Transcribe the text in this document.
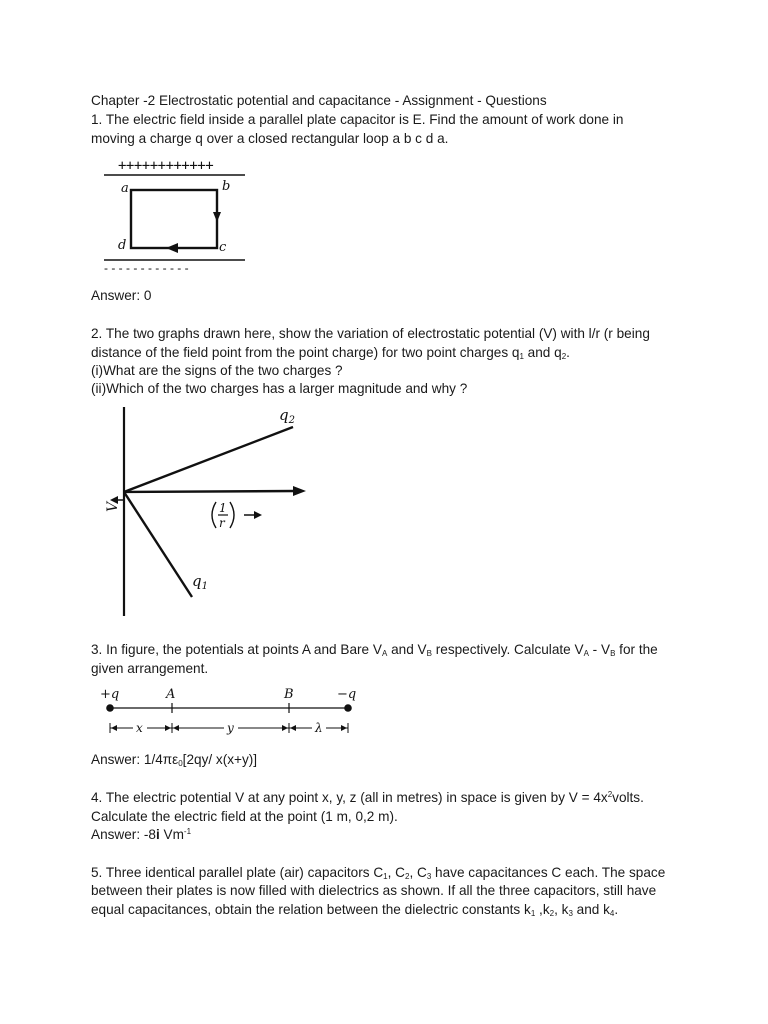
Chapter -2 Electrostatic potential and capacitance - Assignment - Questions
1. The electric field inside a parallel plate capacitor is E. Find the amount of work done in
moving a charge q over a closed rectangular loop a b c d a.
++++++++++++
a	b
c
d
- - - - - - - - - - - -
Answer: 0
2. The two graphs drawn here, show the variation of electrostatic potential (V) with l/r (r being
distance of the field point from the point charge) for two point charges $q_1$ and $q_2$.
(i)What are the signs of the two charges ?
(ii)Which of the two charges has a larger magnitude and why ?
$q_2$
$q_1$
V	1
r
3. In figure, the potentials at points A and Bare $V_A$ and $V_B$ respectively. Calculate $V_A - V_B$ for the
given arrangement.
+q	A	B	−q
x	y	λ
Answer: $1/4\pi\varepsilon_0[2qy/$ x(x+y)]
4. The electric potential V at any point x, y, z (all in metres) in space is given by $V = 4x^2volts$.
Calculate the electric field at the point (1 m, 0,2 m).
Answer: -8i $Vm^{-1}$
5. Three identical parallel plate (air) capacitors $C_1$, $C_2$, $C_3$ have capacitances C each. The space
between their plates is now filled with dielectrics as shown. If all the three capacitors, still have
equal capacitances, obtain the relation between the dielectric constants $k_1$ $,k_2$, $k_3$ and $k_4$.
